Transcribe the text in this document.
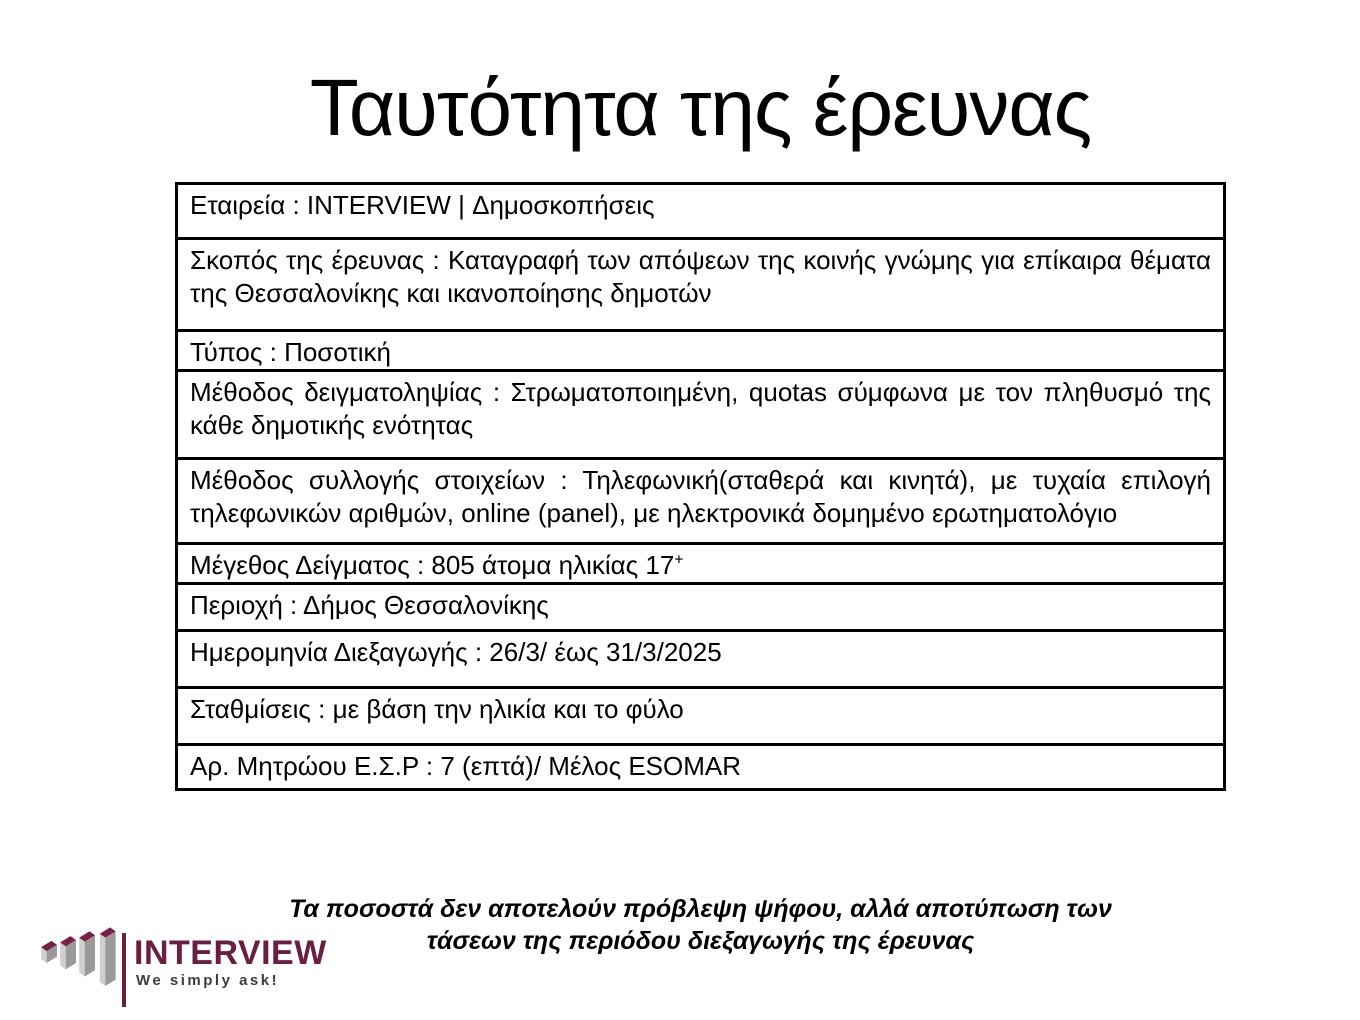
Ταυτότητα της έρευνας
Εταιρεία : INTERVIEW | Δημοσκοπήσεις
Σκοπός της έρευνας : Καταγραφή των απόψεων της κοινής γνώμης για επίκαιρα θέματα της Θεσσαλονίκης και ικανοποίησης δημοτών
Τύπος : Ποσοτική
Μέθοδος δειγματοληψίας : Στρωματοποιημένη, quotas σύμφωνα με τον πληθυσμό της κάθε δημοτικής ενότητας
Μέθοδος συλλογής στοιχείων : Τηλεφωνική(σταθερά και κινητά), με τυχαία επιλογή τηλεφωνικών αριθμών, online (panel), με ηλεκτρονικά δομημένο ερωτηματολόγιο
Μέγεθος Δείγματος : 805 άτομα ηλικίας 17+
Περιοχή : Δήμος Θεσσαλονίκης
Ημερομηνία Διεξαγωγής : 26/3/ έως 31/3/2025
Σταθμίσεις : με βάση την ηλικία και το φύλο
Αρ. Μητρώου Ε.Σ.Ρ : 7 (επτά)/ Μέλος ESOMAR
Τα ποσοστά δεν αποτελούν πρόβλεψη ψήφου, αλλά αποτύπωση των
τάσεων της περιόδου διεξαγωγής της έρευνας
INTERVIEW
We simply ask!
